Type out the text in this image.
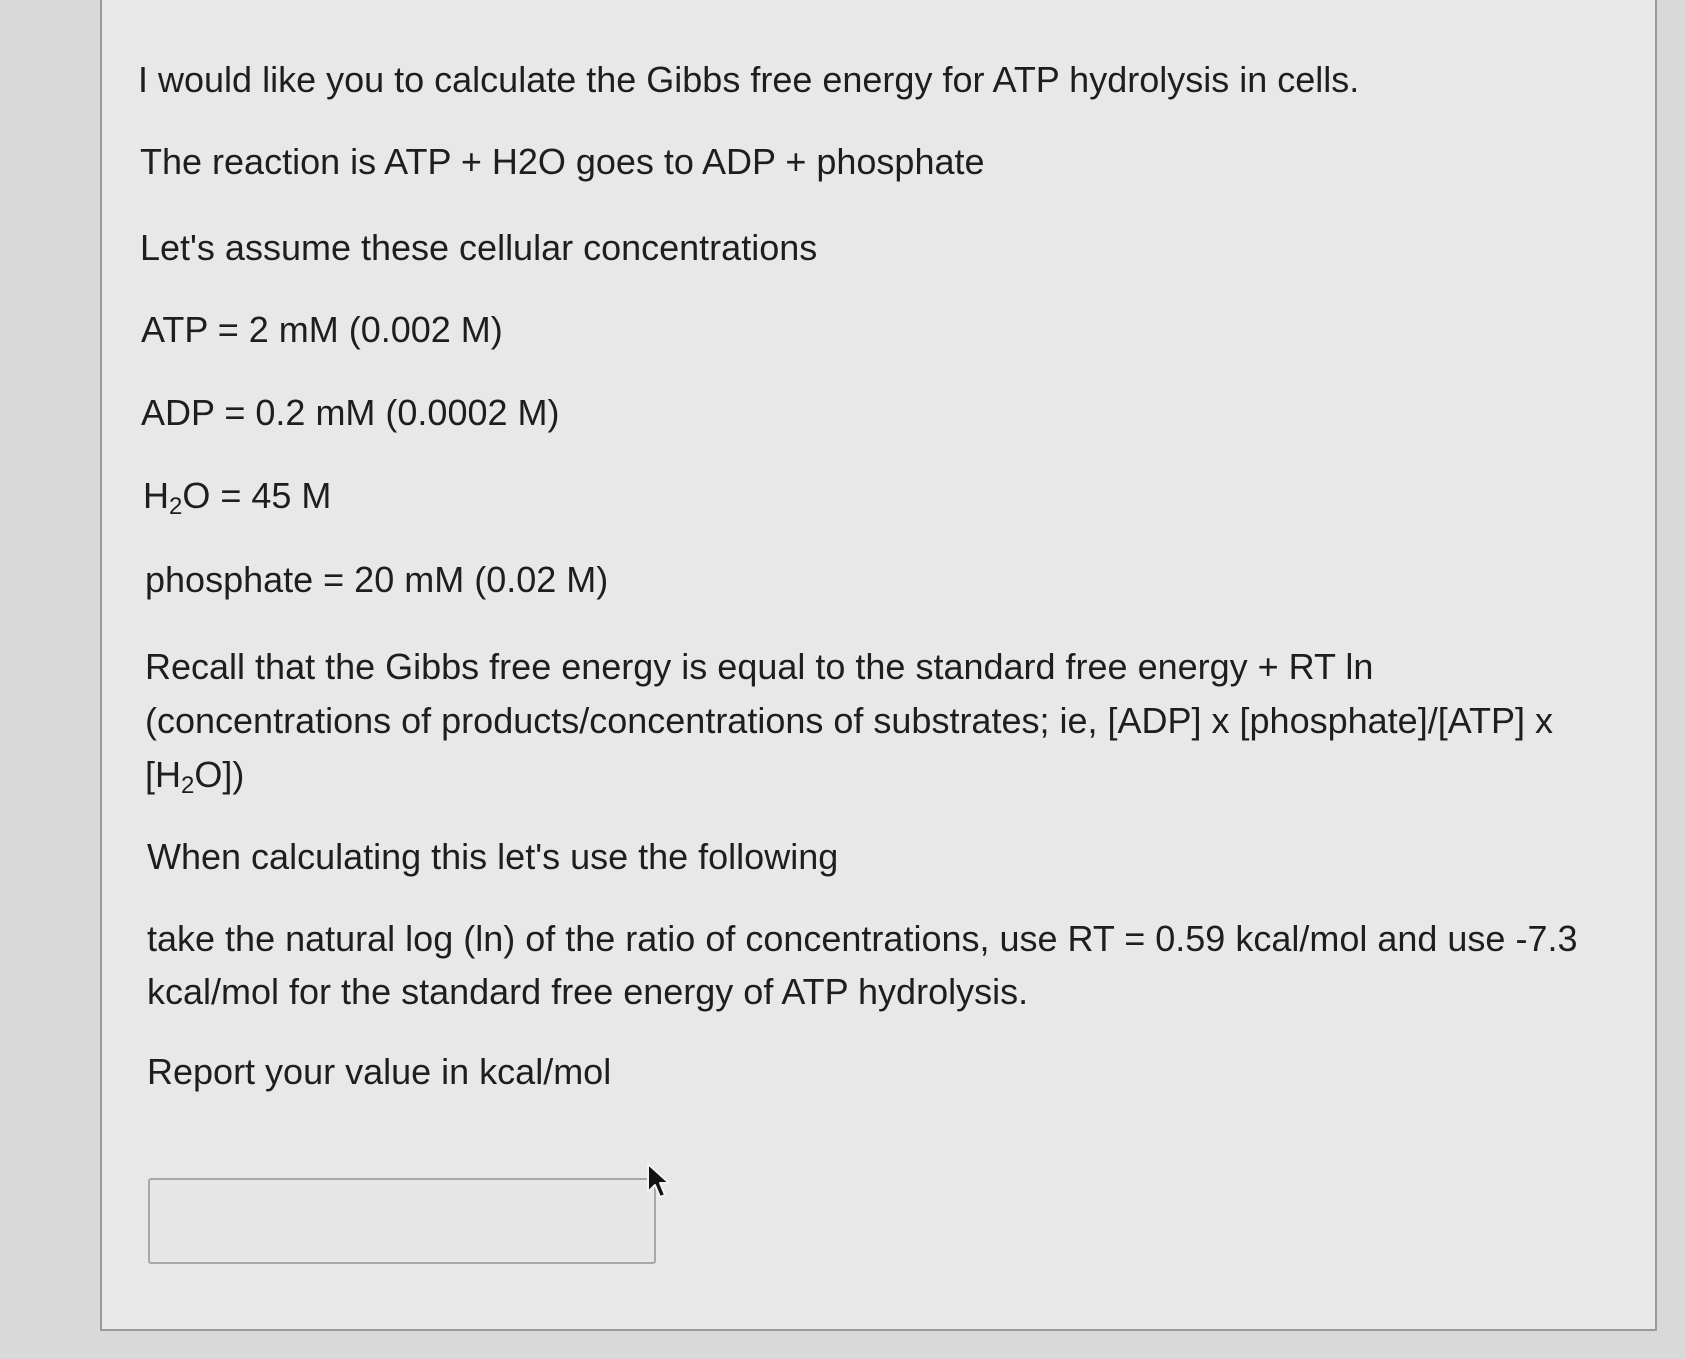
I would like you to calculate the Gibbs free energy for ATP hydrolysis in cells.
The reaction is ATP + H2O goes to ADP + phosphate
Let's assume these cellular concentrations
ATP = 2 mM (0.002 M)
ADP = 0.2 mM (0.0002 M)
$H_2O = 45$ M
phosphate = 20 mM (0.02 M)
Recall that the Gibbs free energy is equal to the standard free energy + RT ln
(concentrations of products/concentrations of substrates; ie, [ADP] x [phosphate]/[ATP] x
$[H_2O]$)
When calculating this let's use the following
take the natural log (ln) of the ratio of concentrations, use RT = 0.59 kcal/mol and use -7.3
kcal/mol for the standard free energy of ATP hydrolysis.
Report your value in kcal/mol
